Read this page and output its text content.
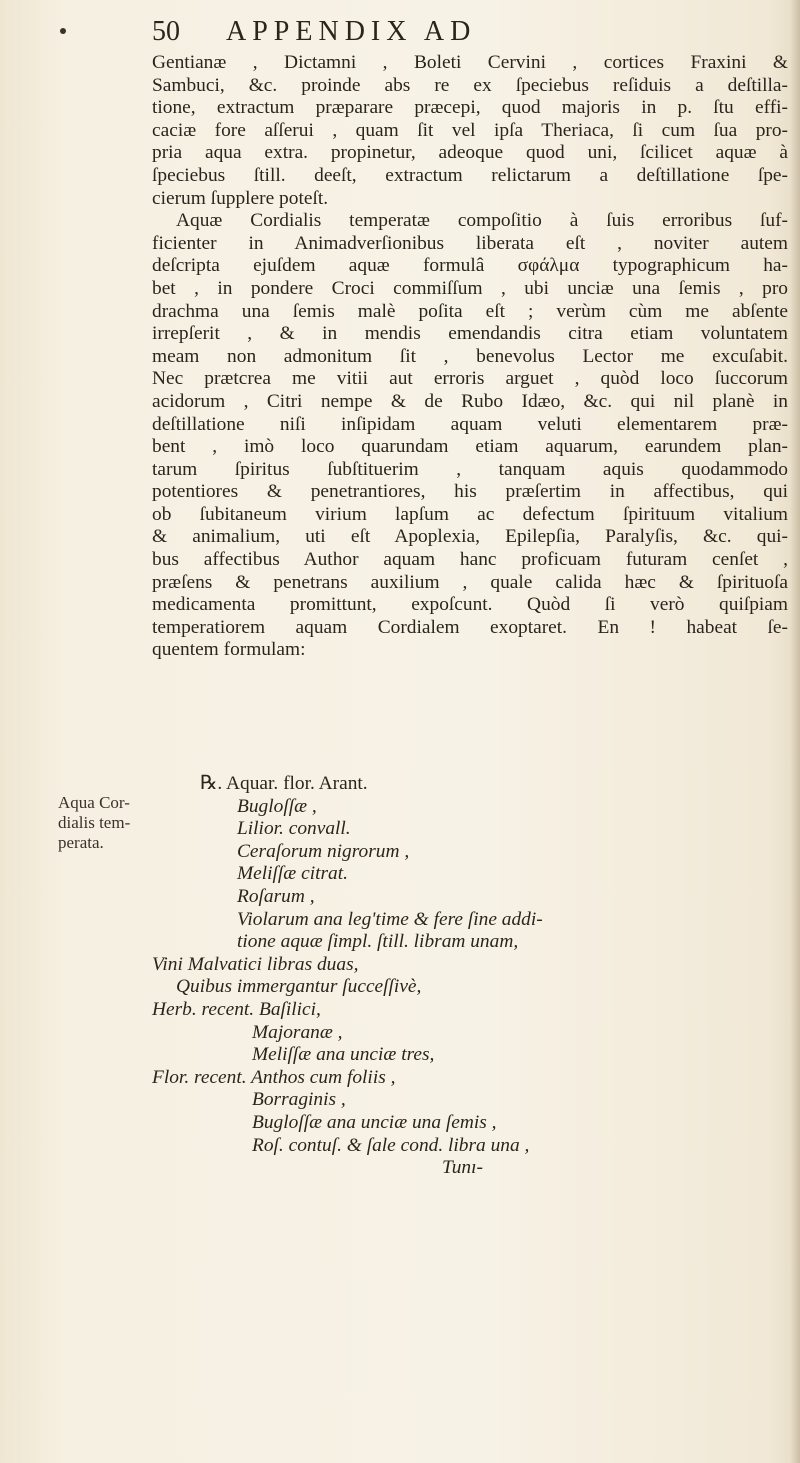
50 APPENDIX AD
Gentianæ , Dictamni , Boleti Cervini , cortices Fraxini &
Sambuci, &c. proinde abs re ex ſpeciebus reſiduis a deſtilla-
tione, extractum præparare præcepi, quod majoris in p. ſtu effi-
caciæ fore aſſerui , quam ſit vel ipſa Theriaca, ſi cum ſua pro-
pria aqua extra. propinetur, adeoque quod uni, ſcilicet aquæ à
ſpeciebus ſtill. deeſt, extractum relictarum a deſtillatione ſpe-
cierum ſupplere poteſt.
Aquæ Cordialis temperatæ compoſitio à ſuis erroribus ſuf-
ficienter in Animadverſionibus liberata eſt , noviter autem
deſcripta ejuſdem aquæ formulâ σφάλμα typographicum ha-
bet , in pondere Croci commiſſum , ubi unciæ una ſemis , pro
drachma una ſemis malè poſita eſt ; verùm cùm me abſente
irrepſerit , & in mendis emendandis citra etiam voluntatem
meam non admonitum ſit , benevolus Lector me excuſabit.
Nec prætcrea me vitii aut erroris arguet , quòd loco ſuccorum
acidorum , Citri nempe & de Rubo Idæo, &c. qui nil planè in
deſtillatione niſi inſipidam aquam veluti elementarem præ-
bent , imò loco quarundam etiam aquarum, earundem plan-
tarum ſpiritus ſubſtituerim , tanquam aquis quodammodo
potentiores & penetrantiores, his præſertim in affectibus, qui
ob ſubitaneum virium lapſum ac defectum ſpirituum vitalium
& animalium, uti eſt Apoplexia, Epilepſia, Paralyſis, &c. qui-
bus affectibus Author aquam hanc proficuam futuram cenſet ,
præſens & penetrans auxilium , quale calida hæc & ſpirituoſa
medicamenta promittunt, expoſcunt. Quòd ſi verò quiſpiam
temperatiorem aquam Cordialem exoptaret. En ! habeat ſe-
quentem formulam:
Aqua Cor-
dialis tem-
perata.
℞. Aquar. flor. Arant.
Bugloſſæ ,
Lilior. convall.
Ceraſorum nigrorum ,
Meliſſæ citrat.
Roſarum ,
Violarum ana leg'time & fere ſine addi-
tione aquæ ſimpl. ſtill. libram unam,
Vini Malvatici libras duas,
Quibus immergantur ſucceſſivè,
Herb. recent. Baſilici,
Majoranæ ,
Meliſſæ ana unciæ tres,
Flor. recent. Anthos cum foliis ,
Borraginis ,
Bugloſſæ ana unciæ una ſemis ,
Roſ. contuſ. & ſale cond. libra una ,
Tunı-
